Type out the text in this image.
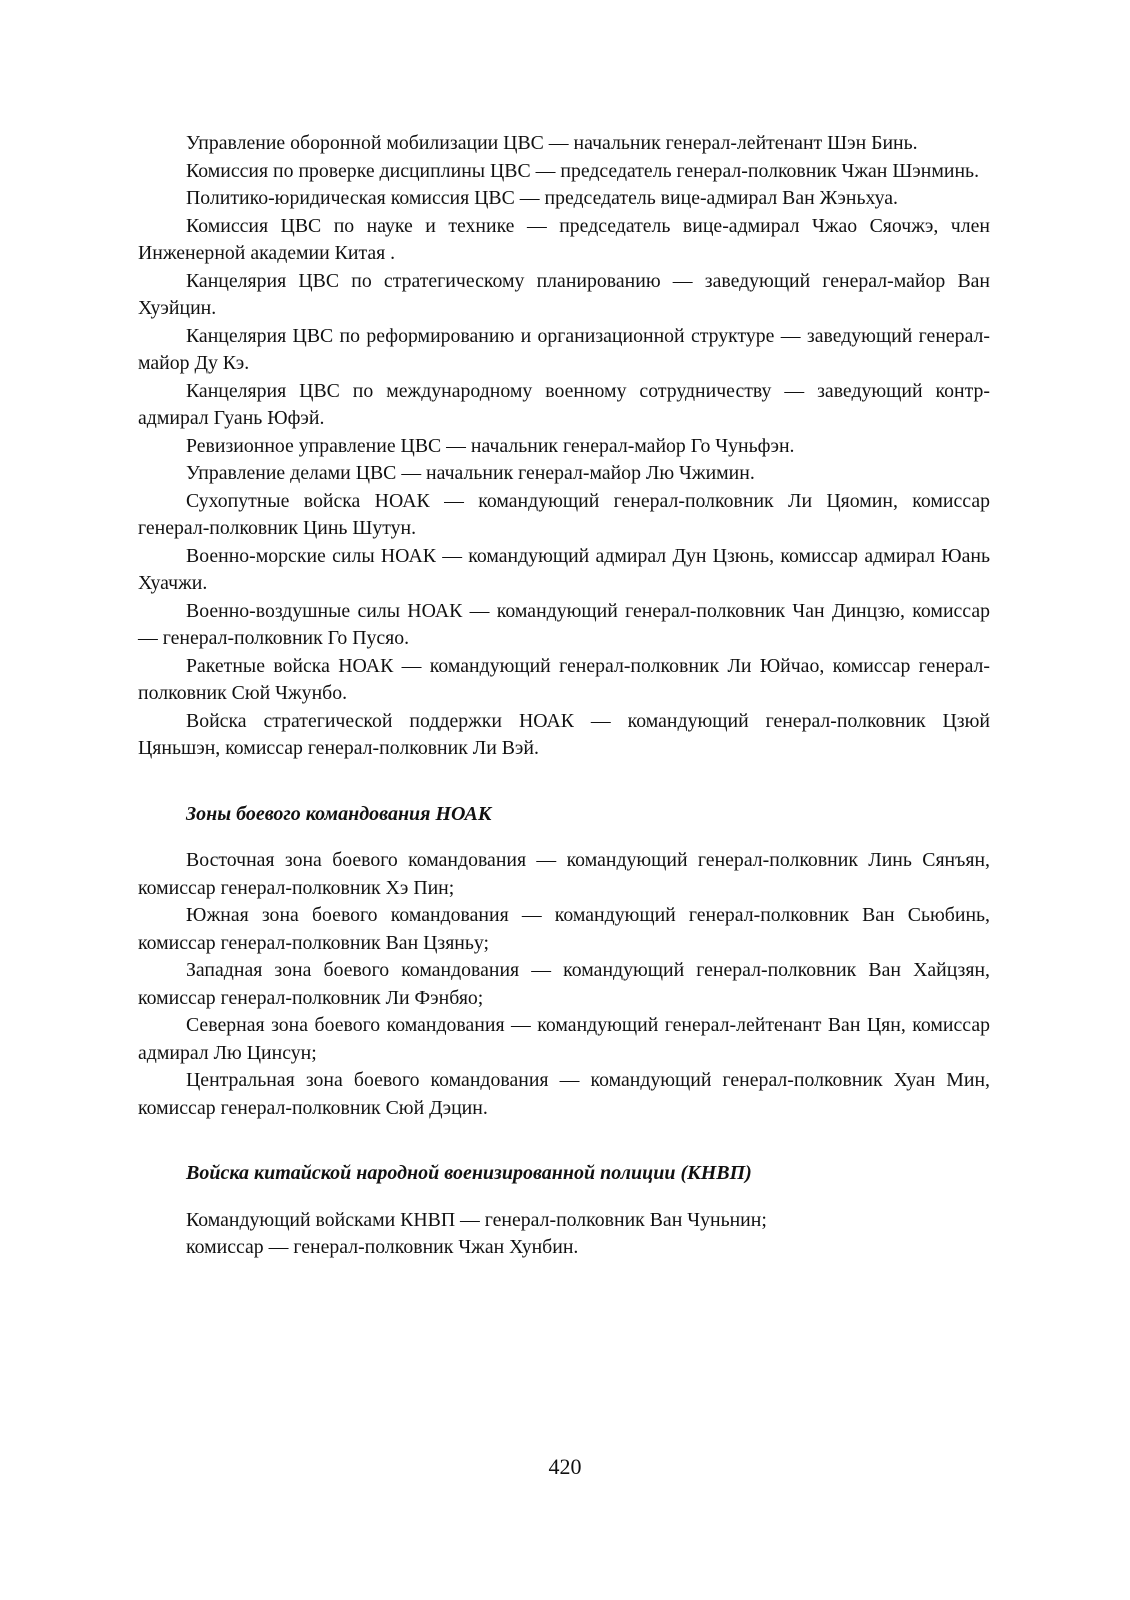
Управление оборонной мобилизации ЦВС — начальник генерал-лейтенант Шэн Бинь.

Комиссия по проверке дисциплины ЦВС — председатель генерал-полковник Чжан Шэнминь.

Политико-юридическая комиссия ЦВС — председатель вице-адмирал Ван Жэньхуа.

Комиссия ЦВС по науке и технике — председатель вице-адмирал Чжао Сяочжэ, член Инженерной академии Китая .

Канцелярия ЦВС по стратегическому планированию — заведующий генерал-майор Ван Хуэйцин.

Канцелярия ЦВС по реформированию и организационной структуре — заведующий генерал-майор Ду Кэ.

Канцелярия ЦВС по международному военному сотрудничеству — заведующий контр-адмирал Гуань Юфэй.

Ревизионное управление ЦВС — начальник генерал-майор Го Чуньфэн.

Управление делами ЦВС — начальник генерал-майор Лю Чжимин.

Сухопутные войска НОАК — командующий генерал-полковник Ли Цяомин, комиссар генерал-полковник Цинь Шутун.

Военно-морские силы НОАК — командующий адмирал Дун Цзюнь, комиссар адмирал Юань Хуачжи.

Военно-воздушные силы НОАК — командующий генерал-полковник Чан Динцзю, комиссар — генерал-полковник Го Пусяо.

Ракетные войска НОАК — командующий генерал-полковник Ли Юйчао, комиссар генерал-полковник Сюй Чжунбо.

Войска стратегической поддержки НОАК — командующий генерал-полковник Цзюй Цяньшэн, комиссар генерал-полковник Ли Вэй.

Зоны боевого командования НОАК

Восточная зона боевого командования — командующий генерал-полковник Линь Сянъян, комиссар генерал-полковник Хэ Пин;

Южная зона боевого командования — командующий генерал-полковник Ван Сьюбинь, комиссар генерал-полковник Ван Цзяньу;

Западная зона боевого командования — командующий генерал-полковник Ван Хайцзян, комиссар генерал-полковник Ли Фэнбяо;

Северная зона боевого командования — командующий генерал-лейтенант Ван Цян, комиссар адмирал Лю Цинсун;

Центральная зона боевого командования — командующий генерал-полковник Хуан Мин, комиссар генерал-полковник Сюй Дэцин.

Войска китайской народной военизированной полиции (КНВП)

Командующий войсками КНВП — генерал-полковник Ван Чуньнин;

комиссар — генерал-полковник Чжан Хунбин.

420
